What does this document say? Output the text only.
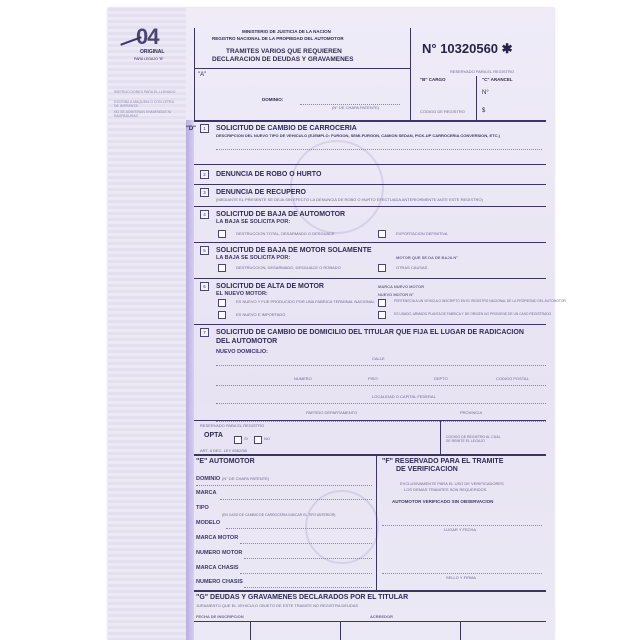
INSTRUCCIONES PARA EL LLENADO
ESCRIBA A MAQUINA O CON LETRA DE IMPRENTA
NO SE ADMITIRAN ENMIENDAS NI RASPADURAS
04
ORIGINAL
PARA LEGAJO "B"
MINISTERIO DE JUSTICIA DE LA NACION
REGISTRO NACIONAL DE LA PROPIEDAD DEL AUTOMOTOR
TRAMITES VARIOS QUE REQUIEREN
DECLARACION DE DEUDAS Y GRAVAMENES
"A"
DOMINIO:
(N° DE CHAPA PATENTE)
N° 10320560 ✱
RESERVADO PARA EL REGISTRO
"B" CARGO	"C" ARANCEL
N°
$
CODIGO DE REGISTRO
"D"	1	SOLICITUD DE CAMBIO DE CARROCERIA
DESCRIPCION DEL NUEVO TIPO DE VEHICULO (EJEMPLO: FURGON, SEMI-FURGON, CAMION SEDAN, PICK-UP CARROCERIA CONVERSION, ETC.)
2	DENUNCIA DE ROBO O HURTO
3	DENUNCIA DE RECUPERO
(MEDIANTE EL PRESENTE SE DEJA SIN EFECTO LA DENUNCIA DE ROBO O HURTO EFECTUADA ANTERIORMENTE ANTE ESTE REGISTRO)
4	SOLICITUD DE BAJA DE AUTOMOTOR
LA BAJA SE SOLICITA POR:
DESTRUCCION TOTAL, DESARMADO O DESGUACE	EXPORTACION DEFINITIVA
5	SOLICITUD DE BAJA DE MOTOR SOLAMENTE
LA BAJA SE SOLICITA POR:	MOTOR QUE SE DA DE BAJA N°
DESTRUCCION, DESARMADO, DESGUACE O ROBADO	OTRAS CAUSAS
6	SOLICITUD DE ALTA DE MOTOR
EL NUEVO MOTOR:
MARCA NUEVO MOTOR
NUEVO MOTOR N°
ES NUEVO Y FUE PRODUCIDO POR UNA FABRICA TERMINAL NACIONAL
ES NUEVO E IMPORTADO
PERTENECIA A UN VEHICULO INSCRIPTO EN EL REGISTRO NACIONAL DE LA PROPIEDAD DEL AUTOMOTOR
ES USADO, ARMADO PLANTA DE FABRICA Y DE ORIGEN NO PROVIENE DE UN CASO REGISTRADO
7	SOLICITUD DE CAMBIO DE DOMICILIO DEL TITULAR QUE FIJA EL LUGAR DE RADICACION
DEL AUTOMOTOR
NUEVO DOMICILIO:
CALLE
NUMERO	PISO	DEPTO	CODIGO POSTAL
LOCALIDAD O CAPITAL FEDERAL
PARTIDO DEPARTAMENTO	PROVINCIA
RESERVADO PARA EL REGISTRO
OPTA	SI	NO
ART. 6 DEC. LEY 6582/58
CODIGO DE REGISTRO AL CUAL SE REMITE EL LEGAJO
"E" AUTOMOTOR
DOMINIO (N° DE CHAPA PATENTE)
MARCA
TIPO
(EN CASO DE CAMBIO DE CARROCERIA INDICAR EL TIPO ANTERIOR)
MODELO
MARCA MOTOR
NUMERO MOTOR
MARCA CHASIS
NUMERO CHASIS
"F" RESERVADO PARA EL TRAMITE
DE VERIFICACION
EXCLUSIVAMENTE PARA EL USO DE VERIFICADORES
LOS DEMAS TRAMITES SON REQUERIDOS
AUTOMOTOR VERIFICADO SIN OBSERVACION
LUGAR Y FECHA
SELLO Y FIRMA
"G" DEUDAS Y GRAVAMENES DECLARADOS POR EL TITULAR
JURAMENTO QUE EL VEHICULO OBJETO DE ESTE TRAMITE NO REGISTRA DEUDAS
FECHA DE INSCRIPCION	ACREEDOR
